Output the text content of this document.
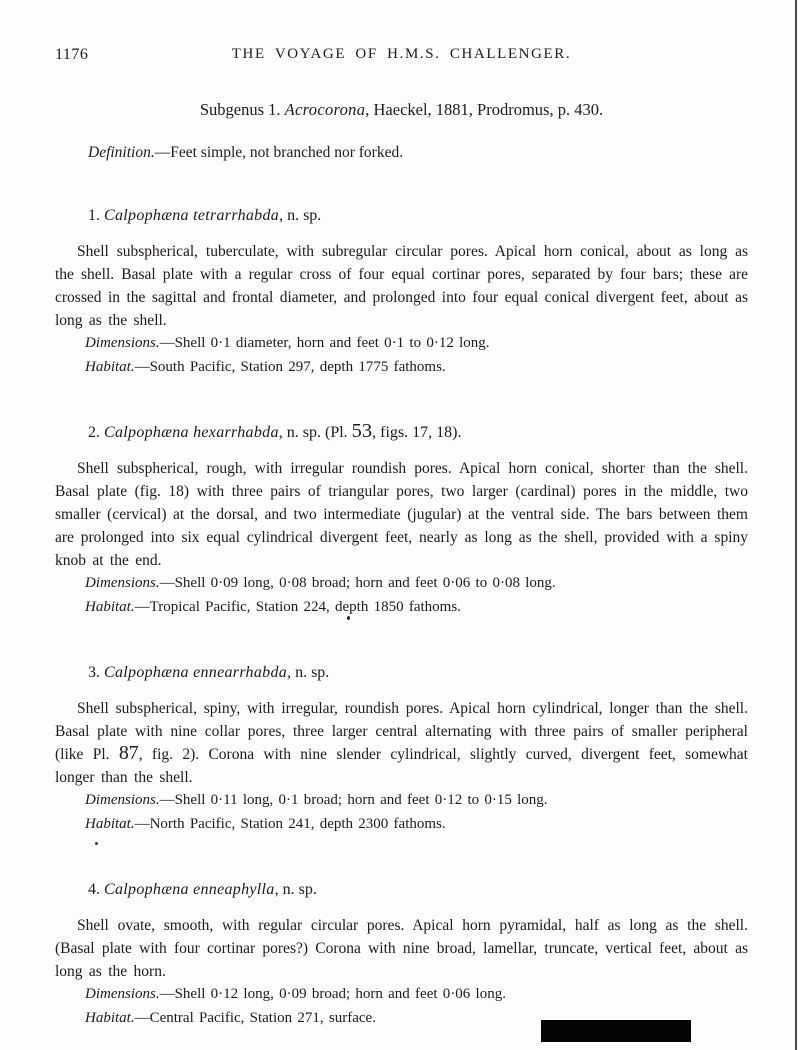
1176	THE VOYAGE OF H.M.S. CHALLENGER.

Subgenus 1. Acrocorona, Haeckel, 1881, Prodromus, p. 430.

Definition.—Feet simple, not branched nor forked.

1. Calpophæna tetrarrhabda, n. sp.

Shell subspherical, tuberculate, with subregular circular pores. Apical horn conical, about as long as the shell. Basal plate with a regular cross of four equal cortinar pores, separated by four bars; these are crossed in the sagittal and frontal diameter, and prolonged into four equal conical divergent feet, about as long as the shell.

Dimensions.—Shell 0·1 diameter, horn and feet 0·1 to 0·12 long.

Habitat.—South Pacific, Station 297, depth 1775 fathoms.

2. Calpophæna hexarrhabda, n. sp. (Pl. 53, figs. 17, 18).

Shell subspherical, rough, with irregular roundish pores. Apical horn conical, shorter than the shell. Basal plate (fig. 18) with three pairs of triangular pores, two larger (cardinal) pores in the middle, two smaller (cervical) at the dorsal, and two intermediate (jugular) at the ventral side. The bars between them are prolonged into six equal cylindrical divergent feet, nearly as long as the shell, provided with a spiny knob at the end.

Dimensions.—Shell 0·09 long, 0·08 broad; horn and feet 0·06 to 0·08 long.

Habitat.—Tropical Pacific, Station 224, depth 1850 fathoms.

3. Calpophæna ennearrhabda, n. sp.

Shell subspherical, spiny, with irregular, roundish pores. Apical horn cylindrical, longer than the shell. Basal plate with nine collar pores, three larger central alternating with three pairs of smaller peripheral (like Pl. 87, fig. 2). Corona with nine slender cylindrical, slightly curved, divergent feet, somewhat longer than the shell.

Dimensions.—Shell 0·11 long, 0·1 broad; horn and feet 0·12 to 0·15 long.

Habitat.—North Pacific, Station 241, depth 2300 fathoms.

4. Calpophæna enneaphylla, n. sp.

Shell ovate, smooth, with regular circular pores. Apical horn pyramidal, half as long as the shell. (Basal plate with four cortinar pores?) Corona with nine broad, lamellar, truncate, vertical feet, about as long as the horn.

Dimensions.—Shell 0·12 long, 0·09 broad; horn and feet 0·06 long.

Habitat.—Central Pacific, Station 271, surface.
